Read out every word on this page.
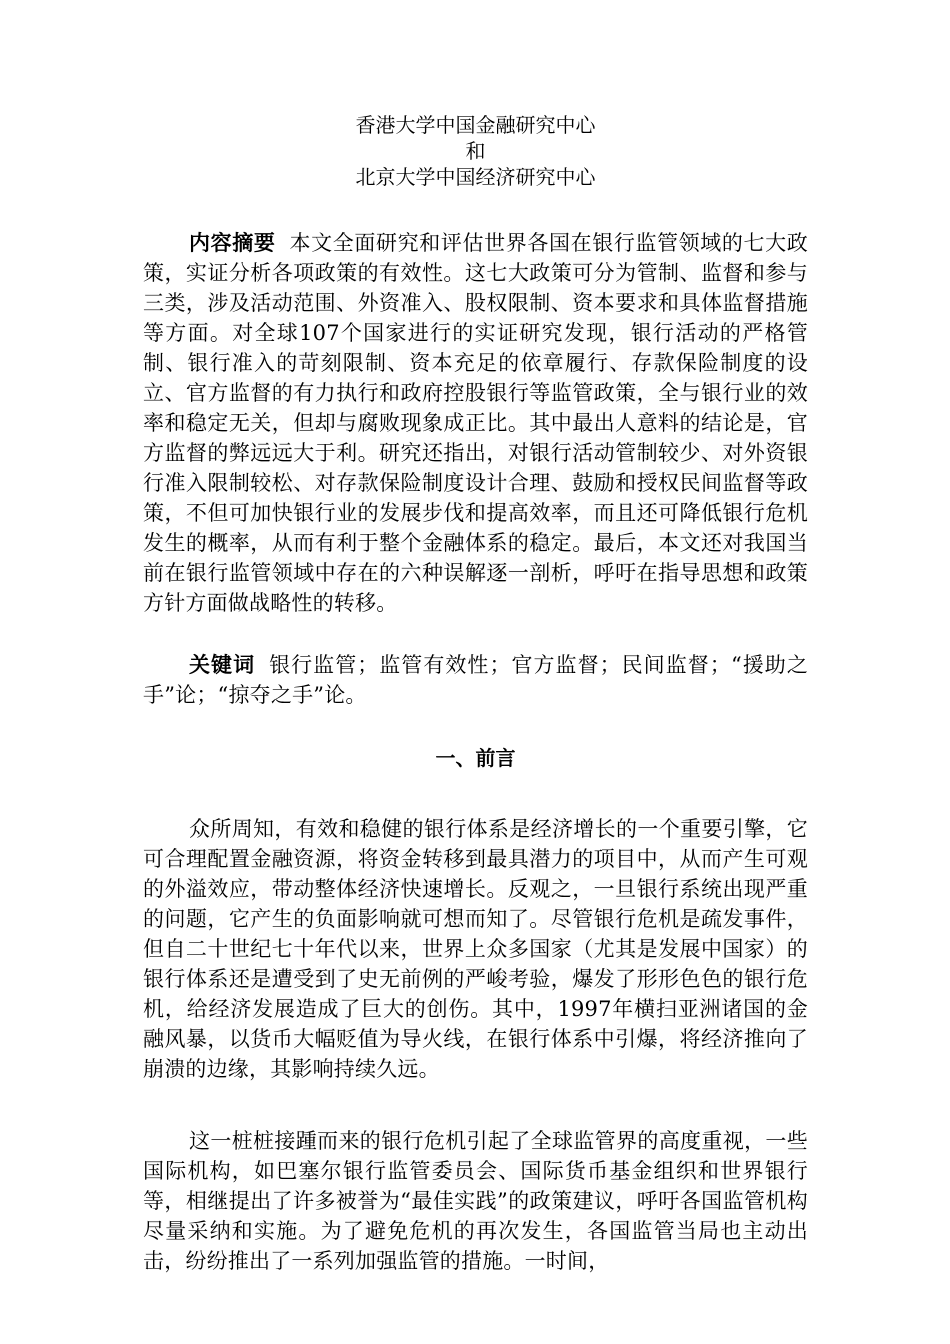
香港大学中国金融研究中心
和
北京大学中国经济研究中心

内容摘要 本文全面研究和评估世界各国在银行监管领域的七大政策，实证分析各项政策的有效性。这七大政策可分为管制、监督和参与三类，涉及活动范围、外资准入、股权限制、资本要求和具体监督措施等方面。对全球107个国家进行的实证研究发现，银行活动的严格管制、银行准入的苛刻限制、资本充足的依章履行、存款保险制度的设立、官方监督的有力执行和政府控股银行等监管政策，全与银行业的效率和稳定无关，但却与腐败现象成正比。其中最出人意料的结论是，官方监督的弊远远大于利。研究还指出，对银行活动管制较少、对外资银行准入限制较松、对存款保险制度设计合理、鼓励和授权民间监督等政策，不但可加快银行业的发展步伐和提高效率，而且还可降低银行危机发生的概率，从而有利于整个金融体系的稳定。最后，本文还对我国当前在银行监管领域中存在的六种误解逐一剖析，呼吁在指导思想和政策方针方面做战略性的转移。

关键词 银行监管；监管有效性；官方监督；民间监督；“援助之手”论；“掠夺之手”论。

一、前言

众所周知，有效和稳健的银行体系是经济增长的一个重要引擎，它可合理配置金融资源，将资金转移到最具潜力的项目中，从而产生可观的外溢效应，带动整体经济快速增长。反观之，一旦银行系统出现严重的问题，它产生的负面影响就可想而知了。尽管银行危机是疏发事件，但自二十世纪七十年代以来，世界上众多国家（尤其是发展中国家）的银行体系还是遭受到了史无前例的严峻考验，爆发了形形色色的银行危机，给经济发展造成了巨大的创伤。其中，1997年横扫亚洲诸国的金融风暴，以货币大幅贬值为导火线，在银行体系中引爆，将经济推向了崩溃的边缘，其影响持续久远。

这一桩桩接踵而来的银行危机引起了全球监管界的高度重视，一些国际机构，如巴塞尔银行监管委员会、国际货币基金组织和世界银行等，相继提出了许多被誉为“最佳实践”的政策建议，呼吁各国监管机构尽量采纳和实施。为了避免危机的再次发生，各国监管当局也主动出击，纷纷推出了一系列加强监管的措施。一时间，
